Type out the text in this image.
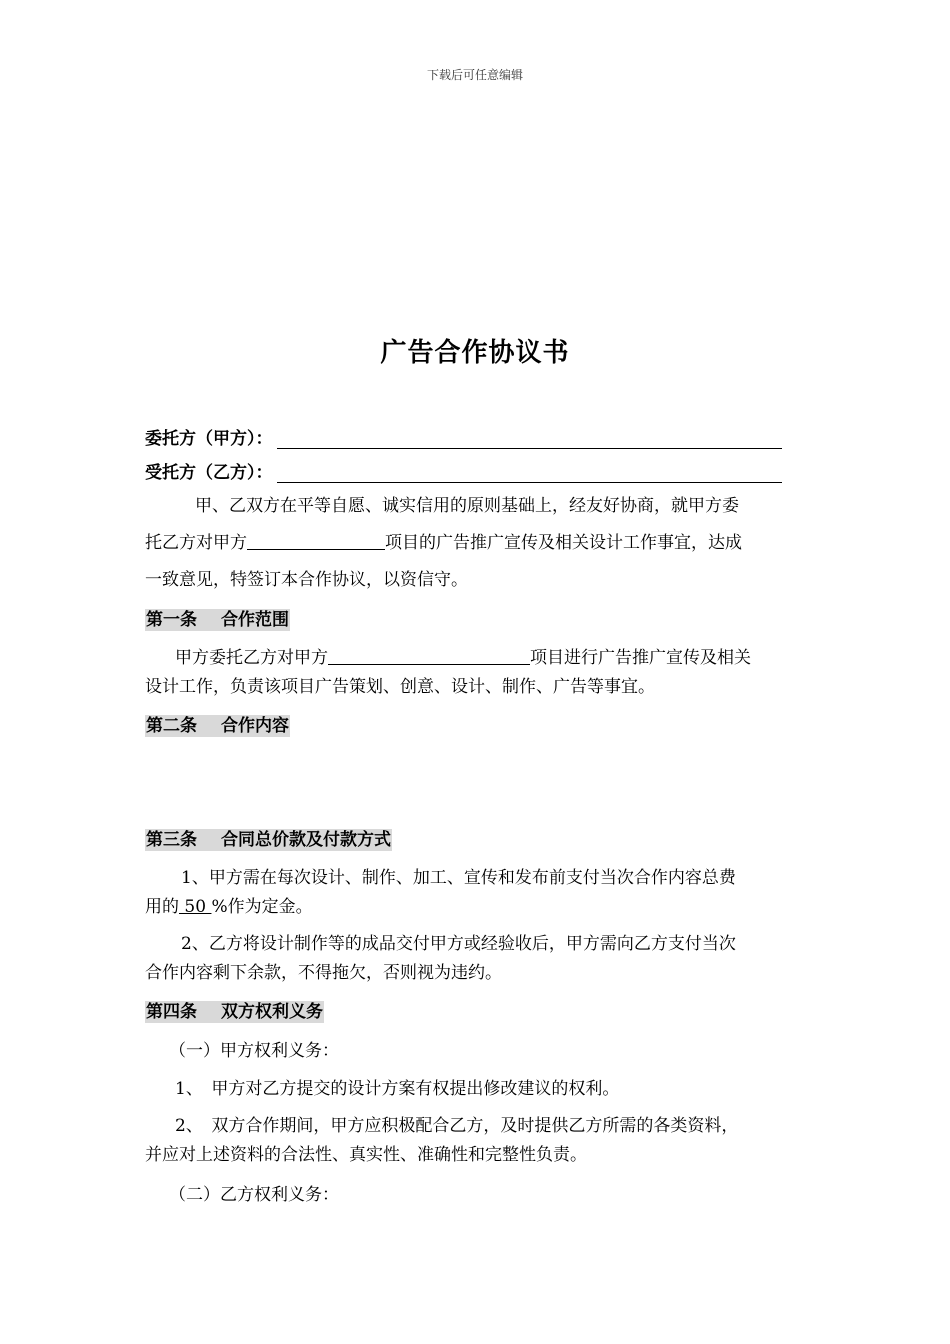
下载后可任意编辑
广告合作协议书
委托方（甲方）：
受托方（乙方）：
甲、乙双方在平等自愿、诚实信用的原则基础上，经友好协商，就甲方委
托乙方对甲方	项目的广告推广宣传及相关设计工作事宜，达成
一致意见，特签订本合作协议，以资信守。
第一条 合作范围
甲方委托乙方对甲方	项目进行广告推广宣传及相关
设计工作，负责该项目广告策划、创意、设计、制作、广告等事宜。
第二条 合作内容
第三条 合同总价款及付款方式
1、甲方需在每次设计、制作、加工、宣传和发布前支付当次合作内容总费
用的 50 %作为定金。
2、乙方将设计制作等的成品交付甲方或经验收后，甲方需向乙方支付当次
合作内容剩下余款，不得拖欠，否则视为违约。
第四条 双方权利义务
（一）甲方权利义务：
1、　甲方对乙方提交的设计方案有权提出修改建议的权利。
2、　双方合作期间，甲方应积极配合乙方，及时提供乙方所需的各类资料，
并应对上述资料的合法性、真实性、准确性和完整性负责。
（二）乙方权利义务：
